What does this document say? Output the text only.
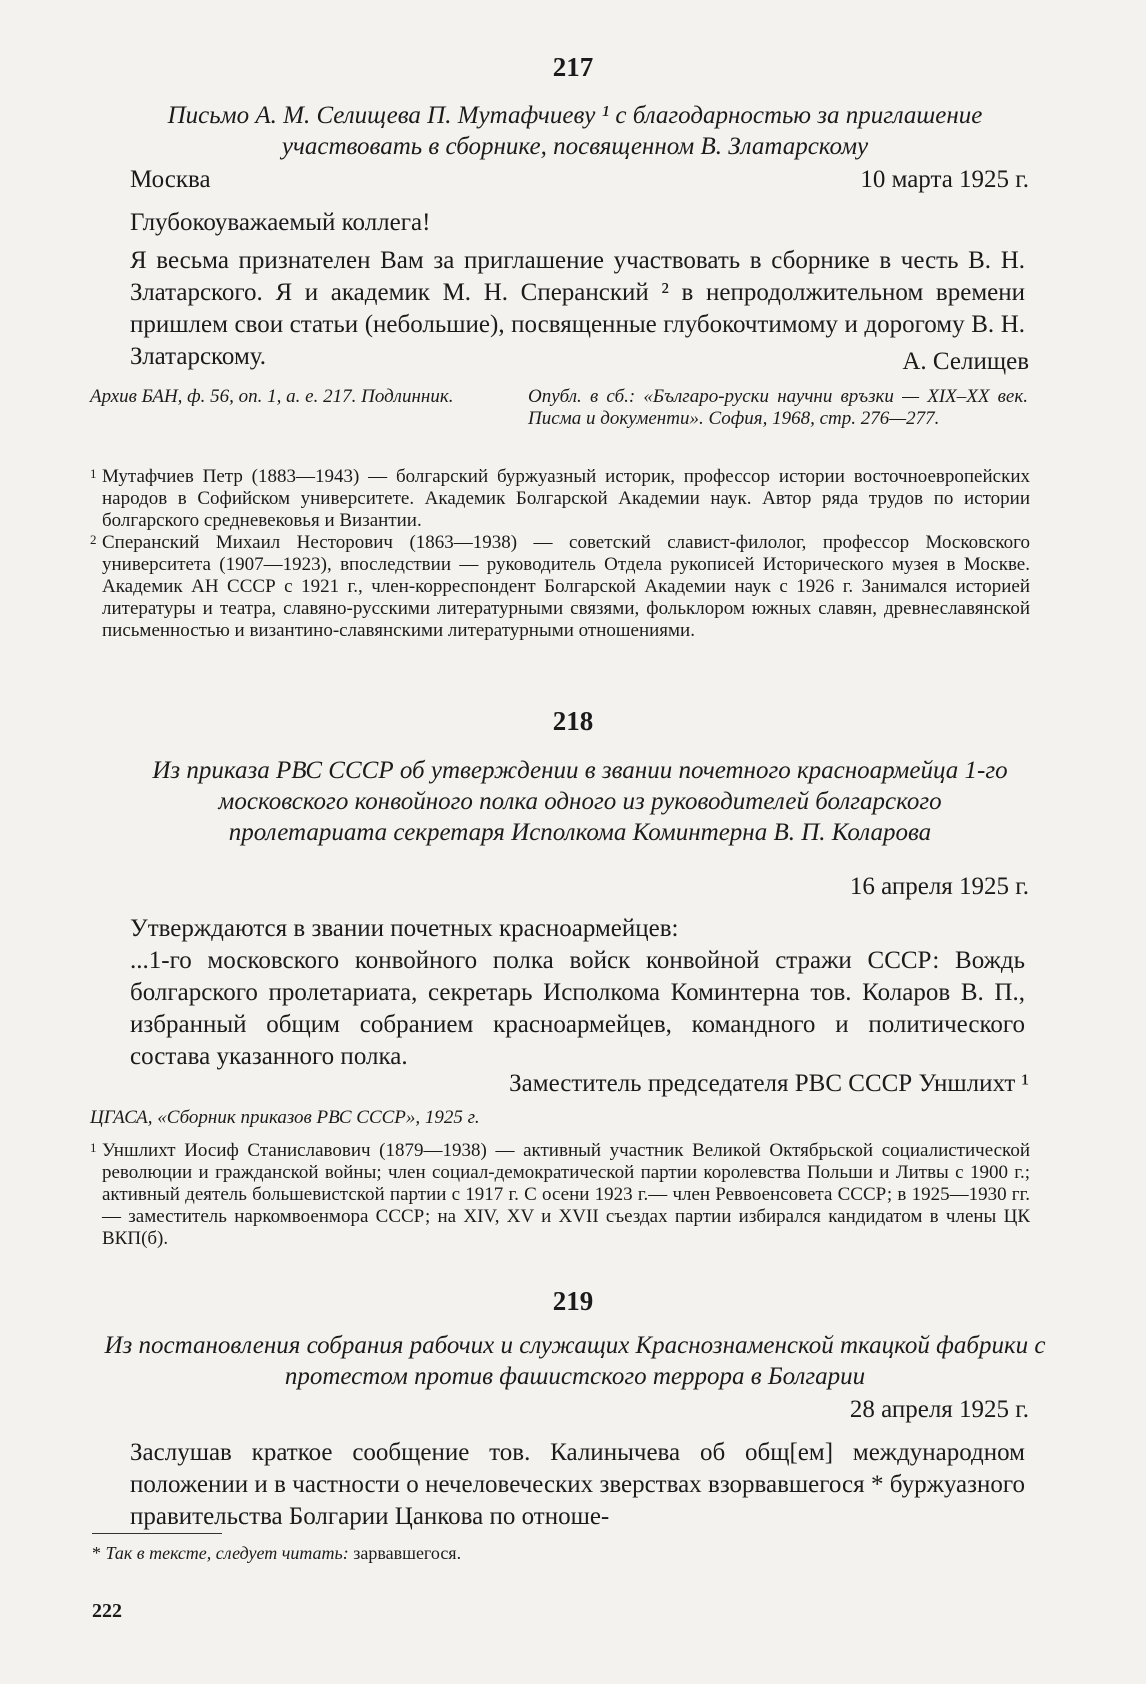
217
Письмо А. М. Селищева П. Мутафчиеву ¹ с благодарностью за приглашение участвовать в сборнике, посвященном В. Златарскому
Москва	10 марта 1925 г.

Глубокоуважаемый коллега!

Я весьма признателен Вам за приглашение участвовать в сборнике в честь В. Н. Златарского. Я и академик М. Н. Сперанский ² в непродолжительном времени пришлем свои статьи (небольшие), посвященные глубокочтимому и дорогому В. Н. Златарскому.	А. Селищев
Архив БАН, ф. 56, оп. 1, а. е. 217. Подлинник.	Опубл. в сб.: «Българо-руски научни връзки — XIX–XX век. Писма и документи». София, 1968, стр. 276—277.
1 Мутафчиев Петр (1883—1943) — болгарский буржуазный историк, профессор истории восточноевропейских народов в Софийском университете. Академик Болгарской Академии наук. Автор ряда трудов по истории болгарского средневековья и Византии.
2 Сперанский Михаил Несторович (1863—1938) — советский славист-филолог, профессор Московского университета (1907—1923), впоследствии — руководитель Отдела рукописей Исторического музея в Москве. Академик АН СССР с 1921 г., член-корреспондент Болгарской Академии наук с 1926 г. Занимался историей литературы и театра, славяно-русскими литературными связями, фольклором южных славян, древнеславянской письменностью и византино-славянскими литературными отношениями.
218
Из приказа РВС СССР об утверждении в звании почетного красноармейца 1-го московского конвойного полка одного из руководителей болгарского пролетариата секретаря Исполкома Коминтерна В. П. Коларова
16 апреля 1925 г.

Утверждаются в звании почетных красноармейцев:

...1-го московского конвойного полка войск конвойной стражи СССР: Вождь болгарского пролетариата, секретарь Исполкома Коминтерна тов. Коларов В. П., избранный общим собранием красноармейцев, командного и политического состава указанного полка.

Заместитель председателя РВС СССР Уншлихт ¹
ЦГАСА, «Сборник приказов РВС СССР», 1925 г.
1 Уншлихт Иосиф Станиславович (1879—1938) — активный участник Великой Октябрьской социалистической революции и гражданской войны; член социал-демократической партии королевства Польши и Литвы с 1900 г.; активный деятель большевистской партии с 1917 г. С осени 1923 г.— член Реввоенсовета СССР; в 1925—1930 гг.— заместитель наркомвоенмора СССР; на XIV, XV и XVII съездах партии избирался кандидатом в члены ЦК ВКП(б).
219
Из постановления собрания рабочих и служащих Краснознаменской ткацкой фабрики с протестом против фашистского террора в Болгарии
28 апреля 1925 г.

Заслушав краткое сообщение тов. Калинычева об общ[ем] международном положении и в частности о нечеловеческих зверствах взорвавшегося * буржуазного правительства Болгарии Цанкова по отноше-

* Так в тексте, следует читать: зарвавшегося.
222
